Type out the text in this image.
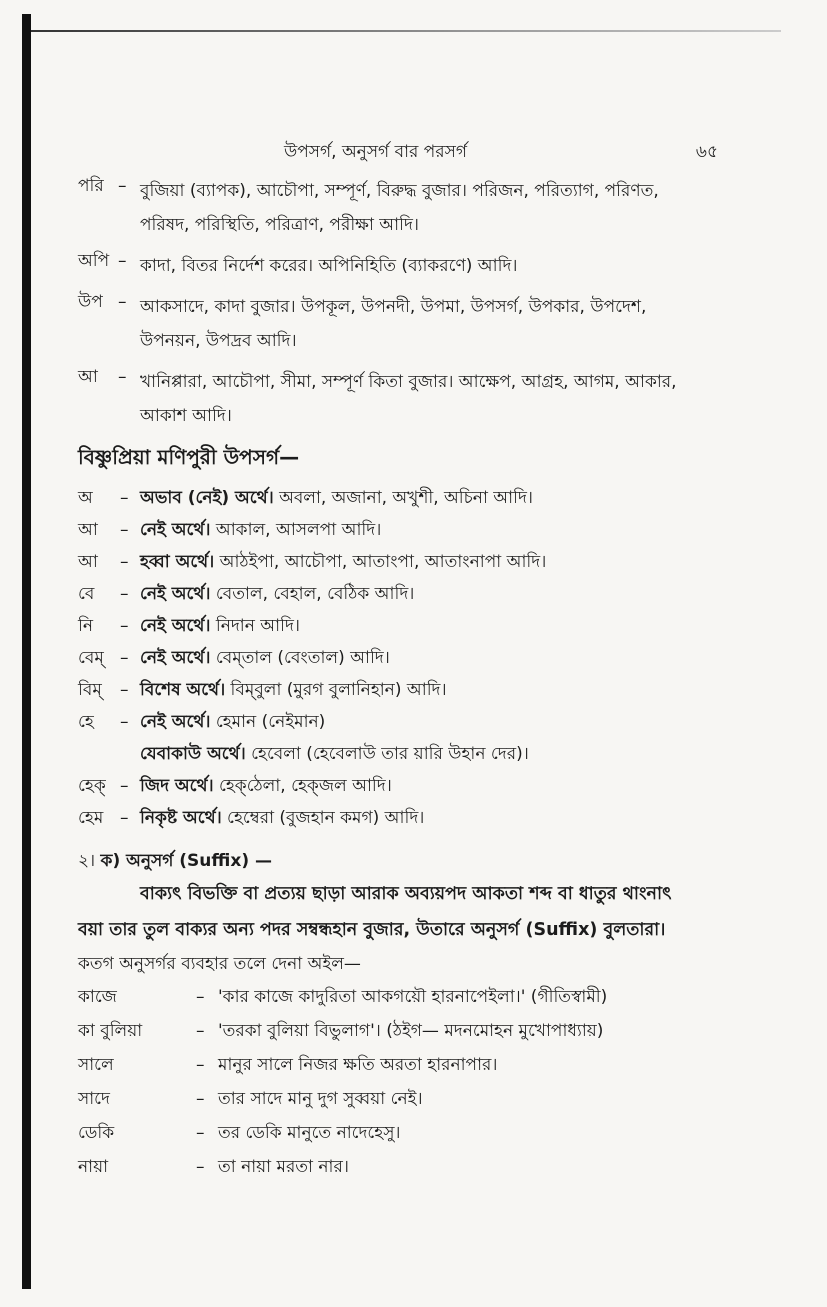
উপসর্গ, অনুসর্গ বার পরসর্গ	৬৫
পরি – বুজিয়া (ব্যাপক), আচৌপা, সম্পূর্ণ, বিরুদ্ধ বুজার। পরিজন, পরিত্যাগ, পরিণত,
পরিষদ, পরিস্থিতি, পরিত্রাণ, পরীক্ষা আদি।
অপি – কাদা, বিতর নির্দেশ করের। অপিনিহিতি (ব্যাকরণে) আদি।
উপ – আকসাদে, কাদা বুজার। উপকূল, উপনদী, উপমা, উপসর্গ, উপকার, উপদেশ,
উপনয়ন, উপদ্রব আদি।
আ	– খানিপ্পারা, আচৌপা, সীমা, সম্পূর্ণ কিতা বুজার। আক্ষেপ, আগ্রহ, আগম, আকার,
আকাশ আদি।
বিষ্ণুপ্রিয়া মণিপুরী উপসর্গ—
অ – অভাব (নেই) অর্থে। অবলা, অজানা, অখুশী, অচিনা আদি।
আ – নেই অর্থে। আকাল, আসলপা আদি।
আ – হব্বা অর্থে। আঠইপা, আচৌপা, আতাংপা, আতাংনাপা আদি।
বে – নেই অর্থে। বেতাল, বেহাল, বেঠিক আদি।
নি – নেই অর্থে। নিদান আদি।
বেম্‌ – নেই অর্থে। বেম্‌তাল (বেংতাল) আদি।
বিম্‌ – বিশেষ অর্থে। বিম্‌বুলা (মুরগ বুলানিহান) আদি।
হে – নেই অর্থে। হেমান (নেইমান)
যেবাকাউ অর্থে। হেবেলা (হেবেলাউ তার য়ারি উহান দের)।
হেক্‌ – জিদ অর্থে। হেক্‌ঠেলা, হেক্‌জল আদি।
হেম – নিকৃষ্ট অর্থে। হেম্বেরা (বুজহান কমগ) আদি।
২। ক) অনুসর্গ (Suffix) —
বাক্যৎ বিভক্তি বা প্রত্যয় ছাড়া আরাক অব্যয়পদ আকতা শব্দ বা ধাতুর থাংনাৎ
বয়া তার তুল বাক্যর অন্য পদর সম্বন্ধহান বুজার, উতারে অনুসর্গ (Suffix) বুলতারা।
কতগ অনুসর্গর ব্যবহার তলে দেনা অইল—
কাজে	– 'কার কাজে কাদুরিতা আকগয়ৌ হারনাপেইলা।' (গীতিস্বামী)
কা বুলিয়া	– 'তরকা বুলিয়া বিভুলাগ'। (ঠইগ— মদনমোহন মুখোপাধ্যায়)
সালে	– মানুর সালে নিজর ক্ষতি অরতা হারনাপার।
সাদে	– তার সাদে মানু দুগ সুব্বয়া নেই।
ডেকি	– তর ডেকি মানুতে নাদেহেসু।
নায়া	– তা নায়া মরতা নার।
